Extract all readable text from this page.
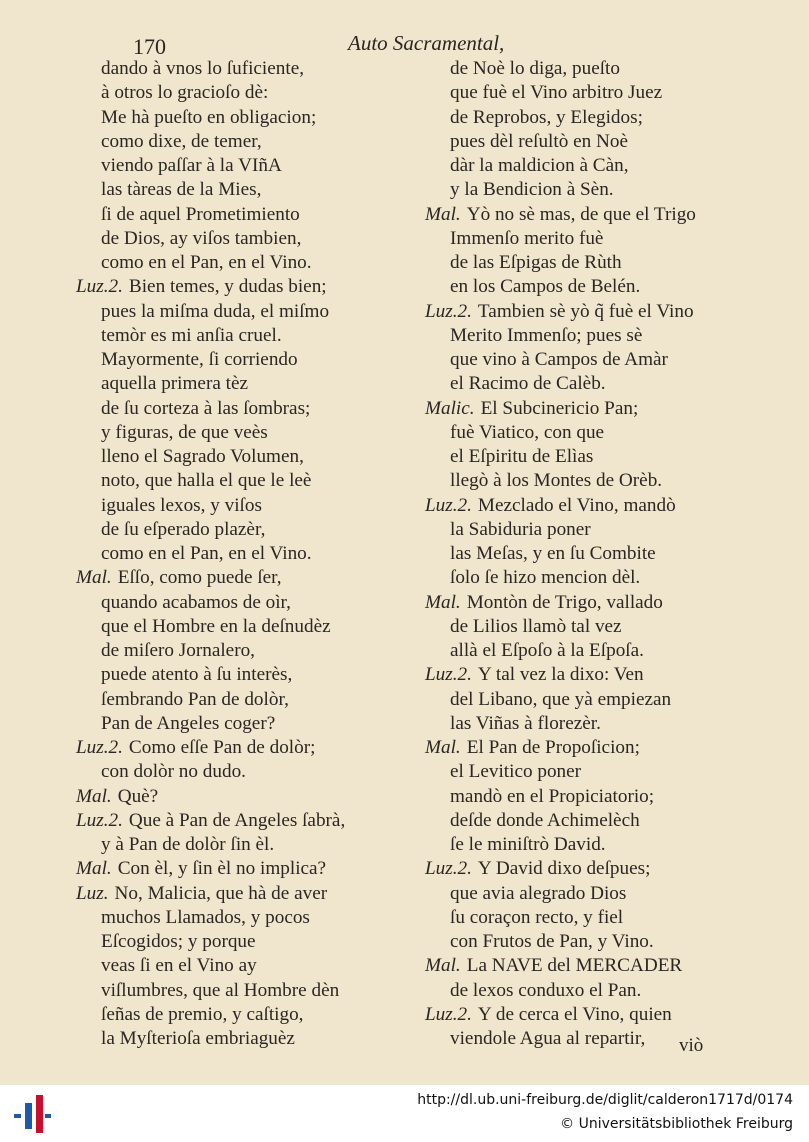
170	Auto Sacramental,
dando à vnos lo ſuficiente,
à otros lo gracioſo dè:
Me hà pueſto en obligacion;
como dixe, de temer,
viendo paſſar à la VIñA
las tàreas de la Mies,
ſi de aquel Prometimiento
de Dios, ay viſos tambien,
como en el Pan, en el Vino.
Luz.2. Bien temes, y dudas bien;
pues la miſma duda, el miſmo
temòr es mi anſia cruel.
Mayormente, ſi corriendo
aquella primera tèz
de ſu corteza à las ſombras;
y figuras, de que veès
lleno el Sagrado Volumen,
noto, que halla el que le leè
iguales lexos, y viſos
de ſu eſperado plazèr,
como en el Pan, en el Vino.
Mal. Eſſo, como puede ſer,
quando acabamos de oìr,
que el Hombre en la deſnudèz
de miſero Jornalero,
puede atento à ſu interès,
ſembrando Pan de dolòr,
Pan de Angeles coger?
Luz.2. Como eſſe Pan de dolòr;
con dolòr no dudo.
Mal. Què?
Luz.2. Que à Pan de Angeles ſabrà,
y à Pan de dolòr ſin èl.
Mal. Con èl, y ſin èl no implica?
Luz. No, Malicia, que hà de aver
muchos Llamados, y pocos
Eſcogidos; y porque
veas ſi en el Vino ay
viſlumbres, que al Hombre dèn
ſeñas de premio, y caſtigo,
la Myſterioſa embriaguèz
de Noè lo diga, pueſto
que fuè el Vino arbitro Juez
de Reprobos, y Elegidos;
pues dèl reſultò en Noè
dàr la maldicion à Càn,
y la Bendicion à Sèn.
Mal. Yò no sè mas, de que el Trigo
Immenſo merito fuè
de las Eſpigas de Rùth
en los Campos de Belén.
Luz.2. Tambien sè yò q̃ fuè el Vino
Merito Immenſo; pues sè
que vino à Campos de Amàr
el Racimo de Calèb.
Malic. El Subcinericio Pan;
fuè Viatico, con que
el Eſpiritu de Elìas
llegò à los Montes de Orèb.
Luz.2. Mezclado el Vino, mandò
la Sabiduria poner
las Meſas, y en ſu Combite
ſolo ſe hizo mencion dèl.
Mal. Montòn de Trigo, vallado
de Lilios llamò tal vez
allà el Eſpoſo à la Eſpoſa.
Luz.2. Y tal vez la dixo: Ven
del Libano, que yà empiezan
las Viñas à florezèr.
Mal. El Pan de Propoſicion;
el Levitico poner
mandò en el Propiciatorio;
deſde donde Achimelèch
ſe le miniſtrò David.
Luz.2. Y David dixo deſpues;
que avia alegrado Dios
ſu coraçon recto, y fiel
con Frutos de Pan, y Vino.
Mal. La NAVE del MERCADER
de lexos conduxo el Pan.
Luz.2. Y de cerca el Vino, quien
viendole Agua al repartir,	viò
http://dl.ub.uni-freiburg.de/diglit/calderon1717d/0174
© Universitätsbibliothek Freiburg
